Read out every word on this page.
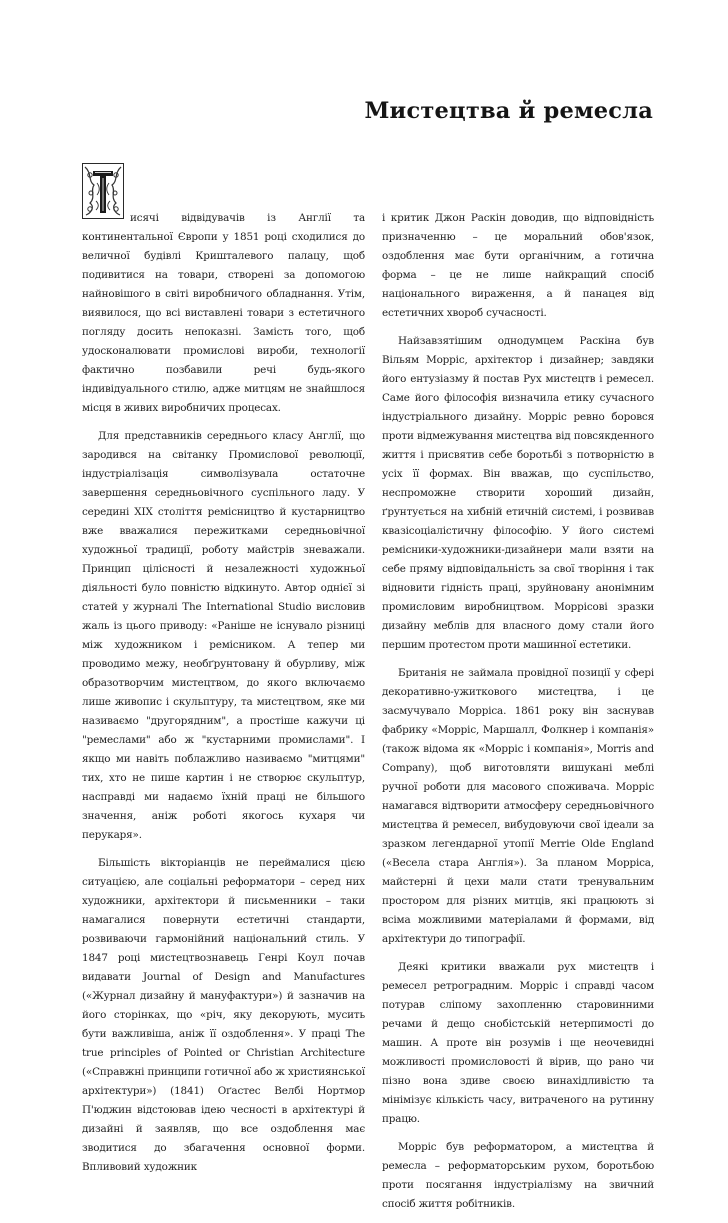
Мистецтва й ремесла

исячі відвідувачів із Англії та континентальної Європи у 1851 році сходилися до величної будівлі Кришталевого палацу, щоб подивитися на товари, створені за допомогою найновішого в світі виробничого обладнання. Утім, виявилося, що всі виставлені товари з естетичного погляду досить непоказні. Замість того, щоб удосконалювати промислові вироби, технології фактично позбавили речі будь-якого індивідуального стилю, адже митцям не знайшлося місця в живих виробничих процесах.

Для представників середнього класу Англії, що зародився на світанку Промислової революції, індустріалізація символізувала остаточне завершення середньовічного суспільного ладу. У середині XIX століття ремісництво й кустарництво вже вважалися пережитками середньовічної художньої традиції, роботу майстрів зневажали. Принцип цілісності й незалежності художньої діяльності було повністю відкинуто. Автор однієї зі статей у журналі The International Studio висловив жаль із цього приводу: «Раніше не існувало різниці між художником і ремісником. А тепер ми проводимо межу, необґрунтовану й обурливу, між образотворчим мистецтвом, до якого включаємо лише живопис і скульптуру, та мистецтвом, яке ми називаємо "другорядним", а простіше кажучи ці "ремеслами" або ж "кустарними промислами". І якщо ми навіть поблажливо називаємо "митцями" тих, хто не пише картин і не створює скульптур, насправді ми надаємо їхній праці не більшого значення, аніж роботі якогось кухаря чи перукаря».

Більшість вікторіанців не переймалися цією ситуацією, але соціальні реформатори – серед них художники, архітектори й письменники – таки намагалися повернути естетичні стандарти, розвиваючи гармонійний національний стиль. У 1847 році мистецтвознавець Генрі Коул почав видавати Journal of Design and Manufactures («Журнал дизайну й мануфактури») й зазначив на його сторінках, що «річ, яку декорують, мусить бути важливіша, аніж її оздоблення». У праці The true principles of Pointed or Christian Architecture («Справжні принципи готичної або ж християнської архітектури») (1841) Оґастес Велбі Нортмор П'юджин відстоював ідею чесності в архітектурі й дизайні й заявляв, що все оздоблення має зводитися до збагачення основної форми. Впливовий художник

і критик Джон Раскін доводив, що відповідність призначенню – це моральний обов'язок, оздоблення має бути органічним, а готична форма – це не лише найкращий спосіб національного вираження, а й панацея від естетичних хвороб сучасності.

Найзавзятішим однодумцем Раскіна був Вільям Морріс, архітектор і дизайнер; завдяки його ентузіазму й постав Рух мистецтв і ремесел. Саме його філософія визначила етику сучасного індустріального дизайну. Морріс ревно боровся проти відмежування мистецтва від повсякденного життя і присвятив себе боротьбі з потворністю в усіх її формах. Він вважав, що суспільство, неспроможне створити хороший дизайн, ґрунтується на хибній етичній системі, і розвивав квазісоціалістичну філософію. У його системі ремісники-художники-дизайнери мали взяти на себе пряму відповідальність за свої творіння і так відновити гідність праці, зруйновану анонімним промисловим виробництвом. Моррісові зразки дизайну меблів для власного дому стали його першим протестом проти машинної естетики.

Британія не займала провідної позиції у сфері декоративно-ужиткового мистецтва, і це засмучувало Морріса. 1861 року він заснував фабрику «Морріс, Маршалл, Фолкнер і компанія» (також відома як «Морріс і компанія», Morris and Company), щоб виготовляти вишукані меблі ручної роботи для масового споживача. Морріс намагався відтворити атмосферу середньовічного мистецтва й ремесел, вибудовуючи свої ідеали за зразком легендарної утопії Merrie Olde England («Весела стара Англія»). За планом Морріса, майстерні й цехи мали стати тренувальним простором для різних митців, які працюють зі всіма можливими матеріалами й формами, від архітектури до типографії.

Деякі критики вважали рух мистецтв і ремесел ретроградним. Морріс і справді часом потурав сліпому захопленню старовинними речами й дещо снобістській нетерпимості до машин. А проте він розумів і ще неочевидні можливості промисловості й вірив, що рано чи пізно вона здиве своєю винахідливістю та мінімізує кількість часу, витраченого на рутинну працю.

Морріс був реформатором, а мистецтва й ремесла – реформаторським рухом, боротьбою проти посягання індустріалізму на звичний спосіб життя робітників.
